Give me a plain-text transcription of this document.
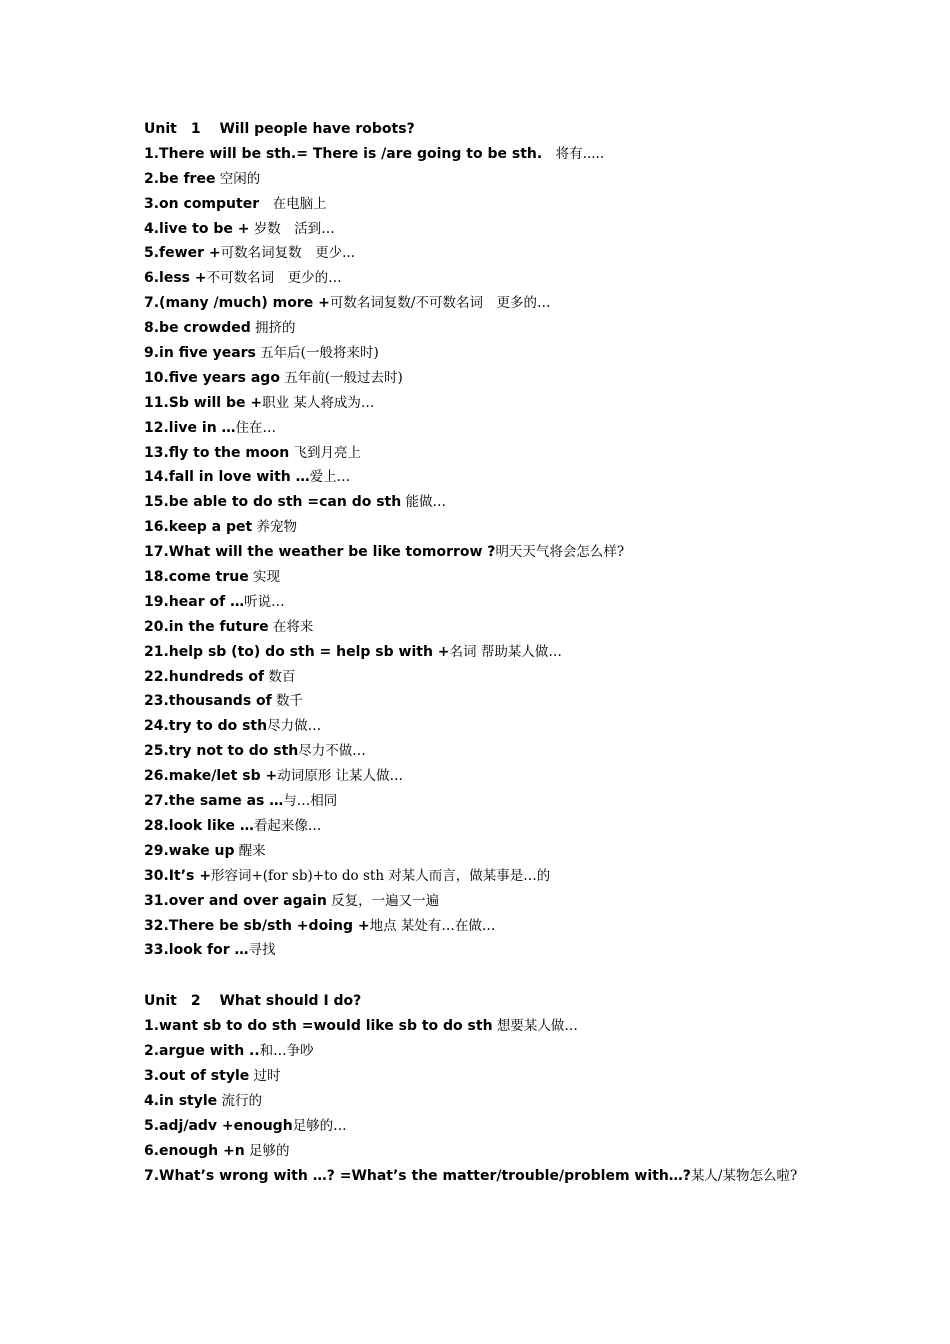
Unit　1　 Will people have robots?
1.There will be sth.= There is /are going to be sth.　将有.....
2.be free 空闲的
3.on computer　在电脑上
4.live to be + 岁数　活到…
5.fewer +可数名词复数　更少...
6.less +不可数名词　更少的…
7.(many /much) more +可数名词复数/不可数名词　更多的…
8.be crowded 拥挤的
9.in five years 五年后(一般将来时)
10.five years ago 五年前(一般过去时)
11.Sb will be +职业 某人将成为…
12.live in …住在…
13.fly to the moon 飞到月亮上
14.fall in love with …爱上…
15.be able to do sth =can do sth 能做…
16.keep a pet 养宠物
17.What will the weather be like tomorrow ?明天天气将会怎么样?
18.come true 实现
19.hear of …听说…
20.in the future 在将来
21.help sb (to) do sth = help sb with +名词 帮助某人做…
22.hundreds of 数百
23.thousands of 数千
24.try to do sth尽力做…
25.try not to do sth尽力不做…
26.make/let sb +动词原形 让某人做…
27.the same as …与…相同
28.look like …看起来像…
29.wake up 醒来
30.It’s +形容词+(for sb)+to do sth 对某人而言，做某事是…的
31.over and over again 反复，一遍又一遍
32.There be sb/sth +doing +地点 某处有…在做…
33.look for …寻找
Unit　2　 What should I do?
1.want sb to do sth =would like sb to do sth 想要某人做…
2.argue with ..和…争吵
3.out of style 过时
4.in style 流行的
5.adj/adv +enough足够的…
6.enough +n 足够的
7.What’s wrong with …? =What’s the matter/trouble/problem with…?某人/某物怎么啦?
